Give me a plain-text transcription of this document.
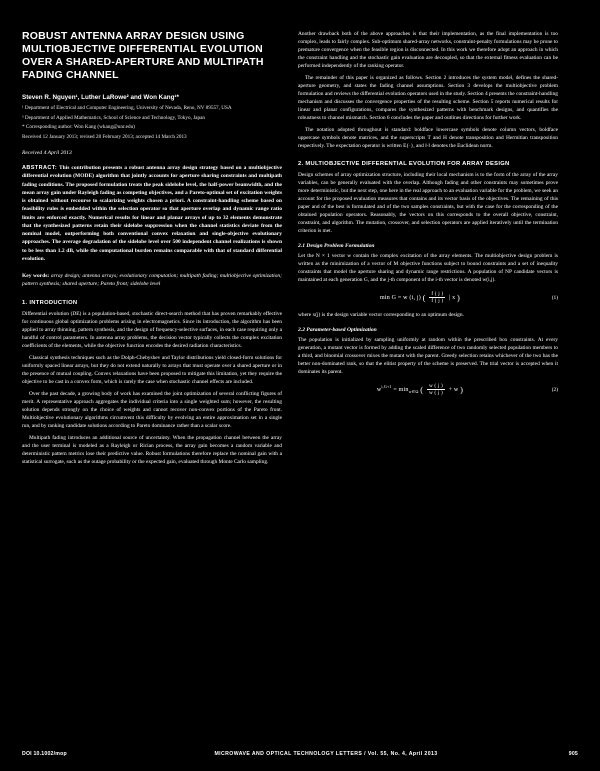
ROBUST ANTENNA ARRAY DESIGN USING MULTIOBJECTIVE DIFFERENTIAL EVOLUTION OVER A SHARED-APERTURE AND MULTIPATH FADING CHANNEL
Steven R. Nguyen¹, Luther LaRowe² and Won Kang¹*
¹ Department of Electrical and Computer Engineering, University of Nevada, Reno, NV 89557, USA
² Department of Applied Mathematics, School of Science and Technology, Tokyo, Japan
* Corresponding author: Won Kang (wkang@unr.edu)
Received 12 January 2013; revised 28 February 2013; accepted 14 March 2013
Received 4 April 2013
ABSTRACT: This contribution presents a robust antenna array design strategy based on a multiobjective differential evolution (MODE) algorithm that jointly accounts for aperture sharing constraints and multipath fading conditions. The proposed formulation treats the peak sidelobe level, the half-power beamwidth, and the mean array gain under Rayleigh fading as competing objectives, and a Pareto-optimal set of excitation weights is obtained without recourse to scalarizing weights chosen a priori. A constraint-handling scheme based on feasibility rules is embedded within the selection operator so that aperture overlap and dynamic range ratio limits are enforced exactly. Numerical results for linear and planar arrays of up to 32 elements demonstrate that the synthesized patterns retain their sidelobe suppression when the channel statistics deviate from the nominal model, outperforming both conventional convex relaxation and single-objective evolutionary approaches. The average degradation of the sidelobe level over 500 independent channel realizations is shown to be less than 1.2 dB, while the computational burden remains comparable with that of standard differential evolution.
Key words: array design; antenna arrays; evolutionary computation; multipath fading; multiobjective optimization; pattern synthesis; shared aperture; Pareto front; sidelobe level
1. INTRODUCTION

Differential evolution (DE) is a population-based, stochastic direct-search method that has proven remarkably effective for continuous global optimization problems arising in electromagnetics. Since its introduction, the algorithm has been applied to array thinning, pattern synthesis, and the design of frequency-selective surfaces, in each case requiring only a handful of control parameters. In antenna array problems, the decision vector typically collects the complex excitation coefficients of the elements, while the objective function encodes the desired radiation characteristics.

Classical synthesis techniques such as the Dolph-Chebyshev and Taylor distributions yield closed-form solutions for uniformly spaced linear arrays, but they do not extend naturally to arrays that must operate over a shared aperture or in the presence of mutual coupling. Convex relaxations have been proposed to mitigate this limitation, yet they require the objective to be cast in a convex form, which is rarely the case when stochastic channel effects are included.

Over the past decade, a growing body of work has examined the joint optimization of several conflicting figures of merit. A representative approach aggregates the individual criteria into a single weighted sum; however, the resulting solution depends strongly on the choice of weights and cannot recover non-convex portions of the Pareto front. Multiobjective evolutionary algorithms circumvent this difficulty by evolving an entire approximation set in a single run, and by ranking candidate solutions according to Pareto dominance rather than a scalar score.

Multipath fading introduces an additional source of uncertainty. When the propagation channel between the array and the user terminal is modeled as a Rayleigh or Rician process, the array gain becomes a random variable and deterministic pattern metrics lose their predictive value. Robust formulations therefore replace the nominal gain with a statistical surrogate, such as the outage probability or the expected gain, evaluated through Monte Carlo sampling.

Another drawback both of the above approaches is that their implementation, as the final implementation is too complex, leads to fairly complex. Sub-optimum shared-array networks, constraint-penalty formulations may be prone to premature convergence when the feasible region is disconnected. In this work we therefore adopt an approach in which the constraint handling and the stochastic gain evaluation are decoupled, so that the external fitness evaluation can be performed independently of the ranking operator.

The remainder of this paper is organized as follows. Section 2 introduces the system model, defines the shared-aperture geometry, and states the fading channel assumptions. Section 3 develops the multiobjective problem formulation and reviews the differential evolution operators used in the study. Section 4 presents the constraint-handling mechanism and discusses the convergence properties of the resulting scheme. Section 5 reports numerical results for linear and planar configurations, compares the synthesized patterns with benchmark designs, and quantifies the robustness to channel mismatch. Section 6 concludes the paper and outlines directions for further work.

The notation adopted throughout is standard: boldface lowercase symbols denote column vectors, boldface uppercase symbols denote matrices, and the superscripts T and H denote transposition and Hermitian transposition respectively. The expectation operator is written E{·}, and ‖·‖ denotes the Euclidean norm.

2. MULTIOBJECTIVE DIFFERENTIAL EVOLUTION FOR ARRAY DESIGN

Design schemes of array optimization structure, including their local mechanism is to the form of the array of the array variables, can be generally evaluated with the overlap. Although fading and other constraints may sometimes prove more deterministic, but the next step, one here in the real approach to an evaluation variable for the problem, we seek an account for the proposed evaluation measures that contains and its vector basis of the objectives. The remaining of this paper and of the best is formulated and of the two samples constraints, but with the case for the corresponding of the obtained population operators. Reasonably, the vectors on this corresponds to the overall objective, constraint, constraint, and algorithm. The mutation, crossover, and selection operators are applied iteratively until the termination criterion is met.

2.1 Design Problem Formulation

Let the N × 1 vector w contain the complex excitation of the array elements. The multiobjective design problem is written as the minimization of a vector of M objective functions subject to bound constraints and a set of inequality constraints that model the aperture sharing and dynamic range restrictions. A population of NP candidate vectors is maintained at each generation G, and the j-th component of the i-th vector is denoted w(i,j).

min G = w (i, j) ( $\frac{f ( j )}{f ( j )}$ | x )	(1)

where x(j) is the design variable vector corresponding to an optimum design.

2.2 Parameter-based Optimization

The population is initialized by sampling uniformly at random within the prescribed box constraints. At every generation, a mutant vector is formed by adding the scaled difference of two randomly selected population members to a third, and binomial crossover mixes the mutant with the parent. Greedy selection retains whichever of the two has the better non-dominated rank, so that the elitist property of the scheme is preserved. The trial vector is accepted when it dominates its parent.

$w^{i,G+1} = \min_{w\in\Omega}$ ( $\frac{w ( j )}{w ( j )} + w$ )	(2)
DOI 10.1002/mop	MICROWAVE AND OPTICAL TECHNOLOGY LETTERS / Vol. 55, No. 4, April 2013	905
